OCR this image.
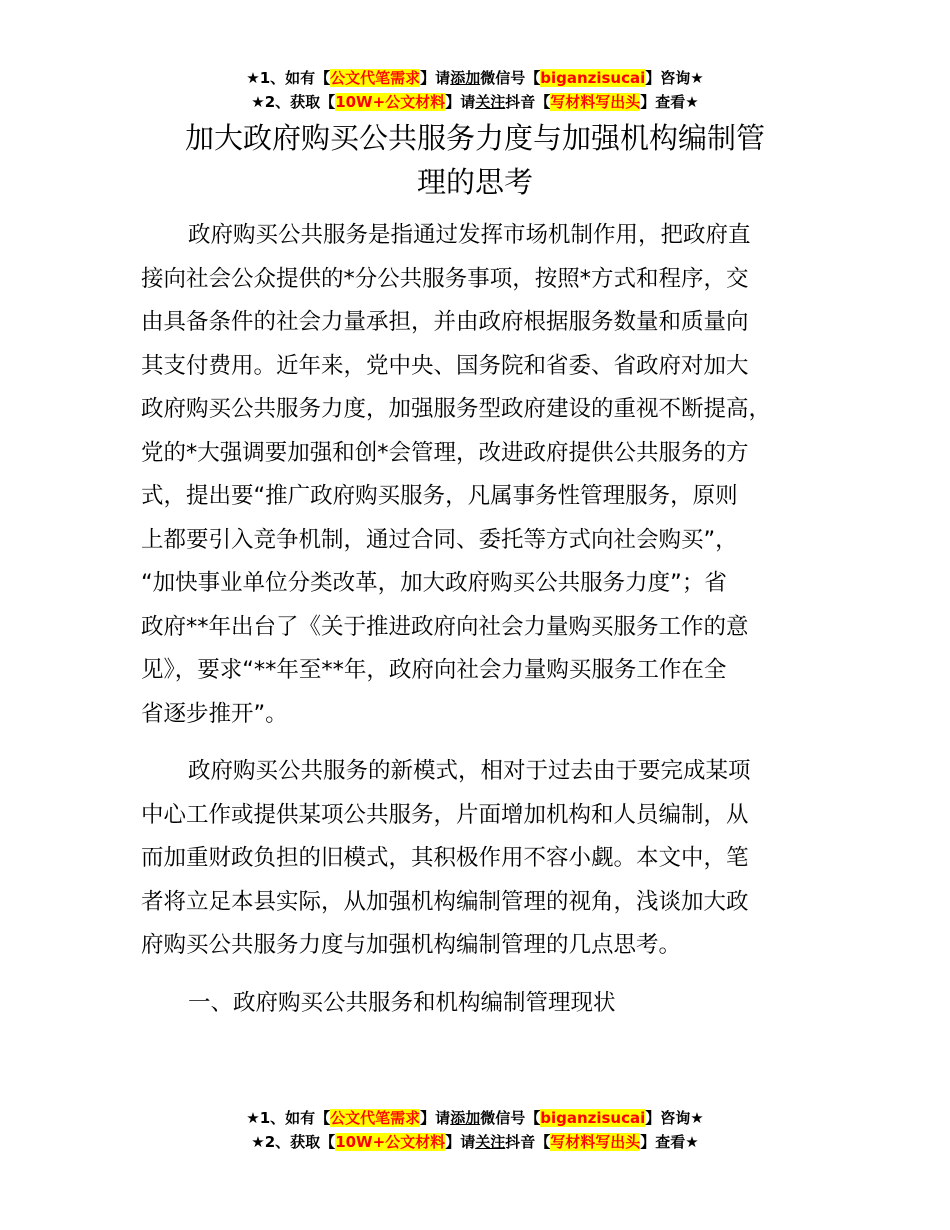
★1、如有【公文代笔需求】请添加微信号【biganzisucai】咨询★
★2、获取【10W+公文材料】请关注抖音【写材料写出头】查看★
加大政府购买公共服务力度与加强机构编制管
理的思考
政府购买公共服务是指通过发挥市场机制作用，把政府直
接向社会公众提供的*分公共服务事项，按照*方式和程序，交
由具备条件的社会力量承担，并由政府根据服务数量和质量向
其支付费用。近年来，党中央、国务院和省委、省政府对加大
政府购买公共服务力度，加强服务型政府建设的重视不断提高，
党的*大强调要加强和创*会管理，改进政府提供公共服务的方
式，提出要“推广政府购买服务，凡属事务性管理服务，原则
上都要引入竞争机制，通过合同、委托等方式向社会购买”，
“加快事业单位分类改革，加大政府购买公共服务力度”；省
政府**年出台了《关于推进政府向社会力量购买服务工作的意
见》，要求“**年至**年，政府向社会力量购买服务工作在全
省逐步推开”。
政府购买公共服务的新模式，相对于过去由于要完成某项
中心工作或提供某项公共服务，片面增加机构和人员编制，从
而加重财政负担的旧模式，其积极作用不容小觑。本文中，笔
者将立足本县实际，从加强机构编制管理的视角，浅谈加大政
府购买公共服务力度与加强机构编制管理的几点思考。
一、政府购买公共服务和机构编制管理现状
★1、如有【公文代笔需求】请添加微信号【biganzisucai】咨询★
★2、获取【10W+公文材料】请关注抖音【写材料写出头】查看★
